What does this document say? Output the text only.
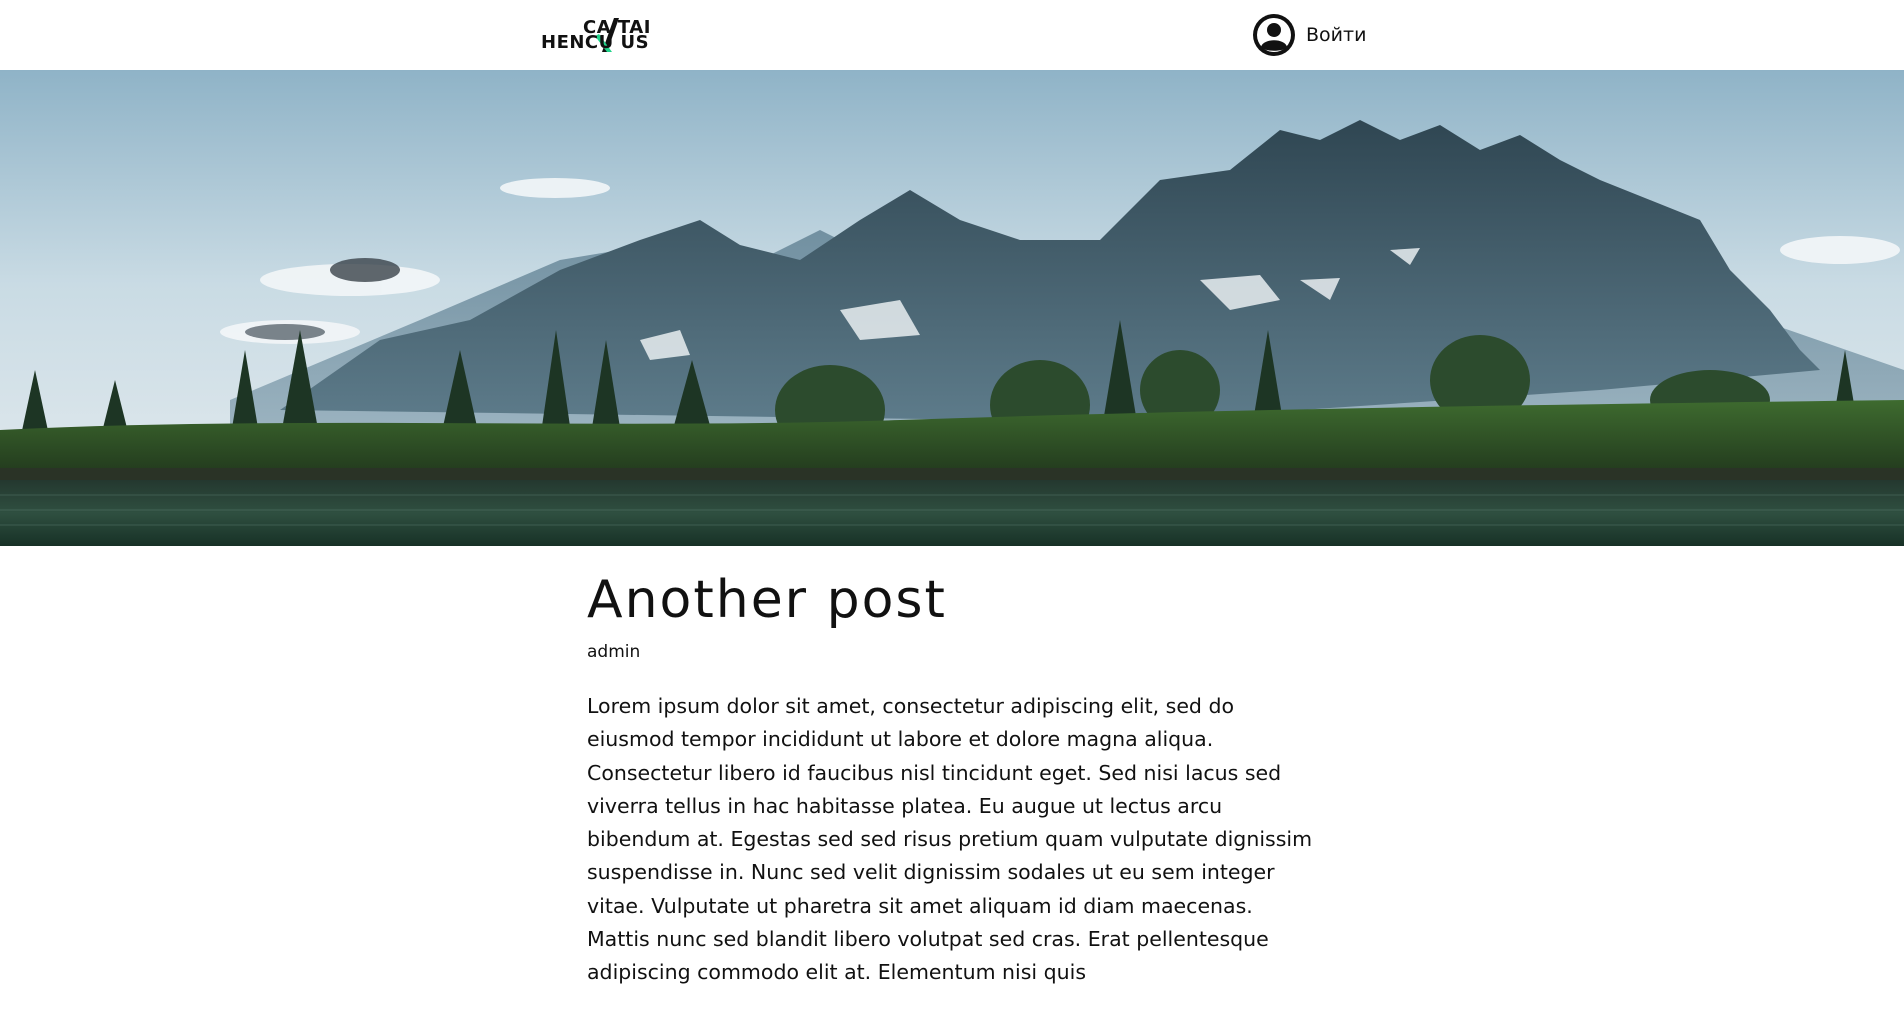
CA TAI
HENCU US	Войти
Another post
admin

Lorem ipsum dolor sit amet, consectetur adipiscing elit, sed do eiusmod tempor incididunt ut labore et dolore magna aliqua. Consectetur libero id faucibus nisl tincidunt eget. Sed nisi lacus sed viverra tellus in hac habitasse platea. Eu augue ut lectus arcu bibendum at. Egestas sed sed risus pretium quam vulputate dignissim suspendisse in. Nunc sed velit dignissim sodales ut eu sem integer vitae. Vulputate ut pharetra sit amet aliquam id diam maecenas. Mattis nunc sed blandit libero volutpat sed cras. Erat pellentesque adipiscing commodo elit at. Elementum nisi quis
